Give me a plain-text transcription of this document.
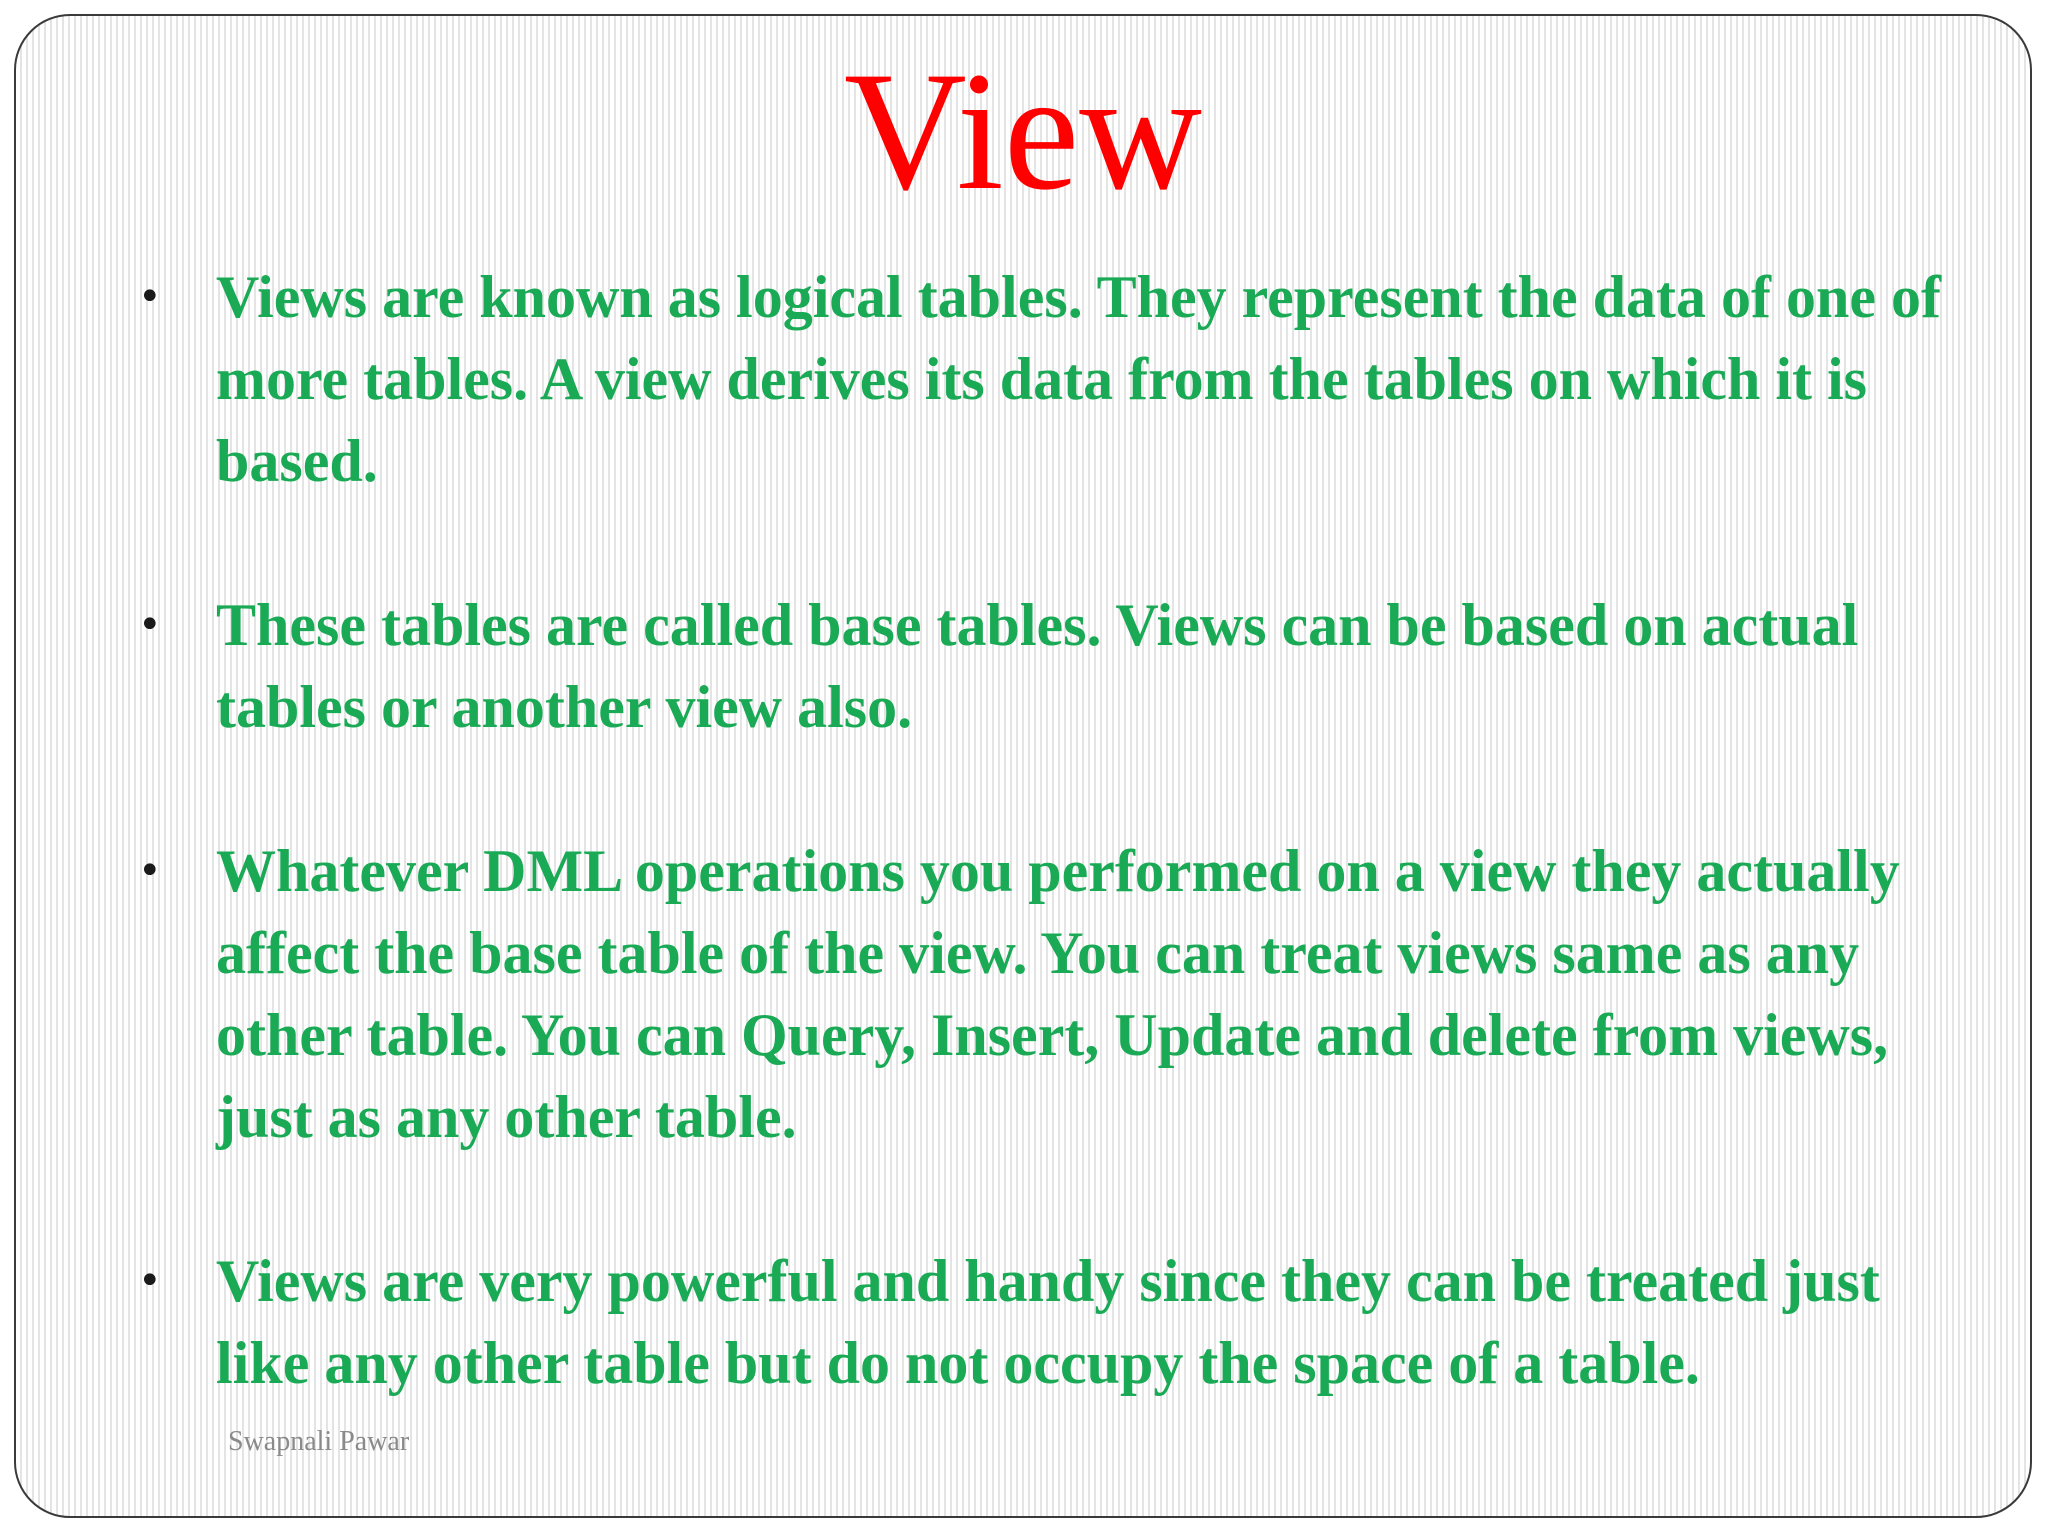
View
• Views are known as logical tables. They represent the data of one of more tables. A view derives its data from the tables on which it is based.
• These tables are called base tables. Views can be based on actual tables or another view also.
• Whatever DML operations you performed on a view they actually affect the base table of the view. You can treat views same as any other table. You can Query, Insert, Update and delete from views, just as any other table.
• Views are very powerful and handy since they can be treated just like any other table but do not occupy the space of a table.
Swapnali Pawar
